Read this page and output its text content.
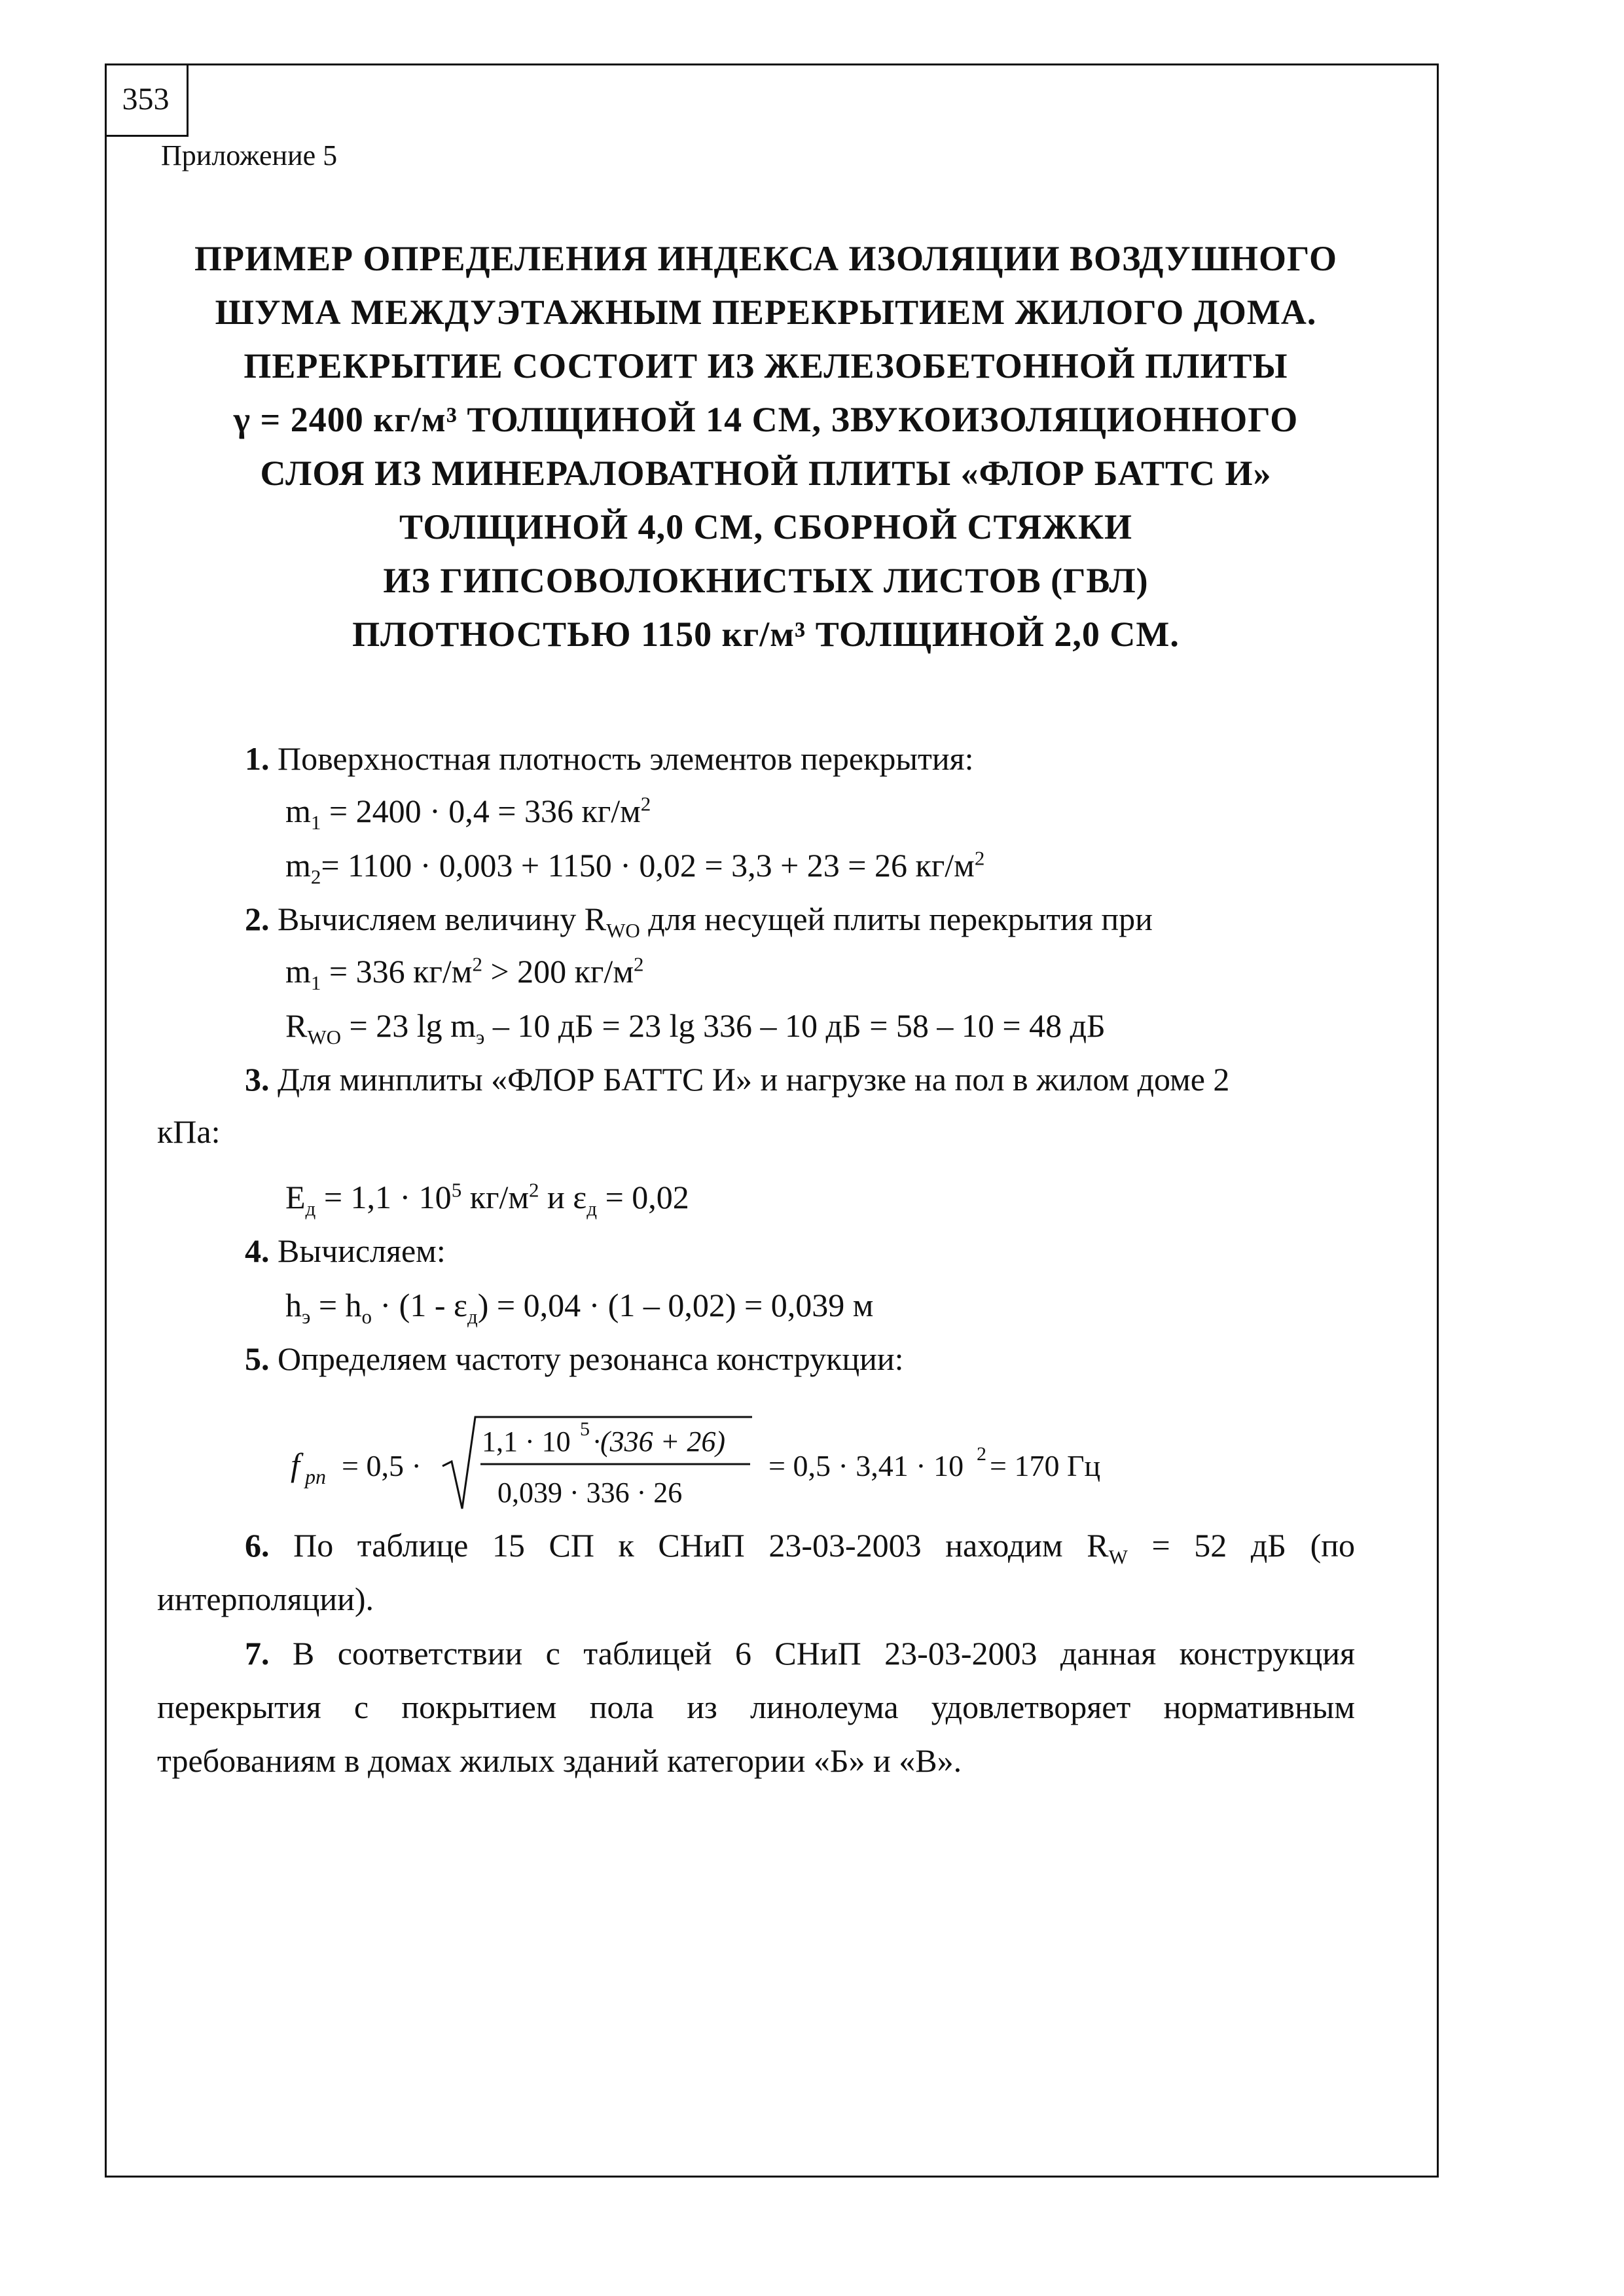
353
Приложение 5
ПРИМЕР ОПРЕДЕЛЕНИЯ ИНДЕКСА ИЗОЛЯЦИИ ВОЗДУШНОГО
ШУМА МЕЖДУЭТАЖНЫМ ПЕРЕКРЫТИЕМ ЖИЛОГО ДОМА.
ПЕРЕКРЫТИЕ СОСТОИТ ИЗ ЖЕЛЕЗОБЕТОННОЙ ПЛИТЫ
γ = 2400 кг/м³ ТОЛЩИНОЙ 14 СМ, ЗВУКОИЗОЛЯЦИОННОГО
СЛОЯ ИЗ МИНЕРАЛОВАТНОЙ ПЛИТЫ «ФЛОР БАТТС И»
ТОЛЩИНОЙ 4,0 СМ, СБОРНОЙ СТЯЖКИ
ИЗ ГИПСОВОЛОКНИСТЫХ ЛИСТОВ (ГВЛ)
ПЛОТНОСТЬЮ 1150 кг/м³ ТОЛЩИНОЙ 2,0 СМ.
1. Поверхностная плотность элементов перекрытия:
$m_1 = 2400 \cdot 0,4 = 336$ $кг/м^2$
$m_2= 1100 \cdot 0,003 + 1150 \cdot 0,02 = 3,3 + 23 = 26$ $кг/м^2$
2. Вычисляем величину $R_{WO}$ для несущей плиты перекрытия при
$m_1 = 336$ $кг/м^2 > 200$ $кг/м^2$
$R_{WO} = 23$ $\lg m_э - 10$ дБ = 23 lg 336 – 10 дБ = 58 – 10 = 48 дБ
3. Для минплиты «ФЛОР БАТТС И» и нагрузке на пол в жилом доме 2
кПа:
$E_д = 1,1 \cdot 10^5$ $кг/м^2$ и $\varepsilon_д = 0,02$
4. Вычисляем:
$h_э = h_о \cdot (1 - \varepsilon_д) = 0,04 \cdot (1 - 0,02) = 0,039$ м
5. Определяем частоту резонанса конструкции:
f pn = 0,5 ·
1,1 · 10 5 ·(336 + 26)
0,039 · 336 · 26
= 0,5 · 3,41 · 10 2 = 170 Гц
6. По таблице 15 СП к СНиП 23-03-2003 находим $R_W = 52$ дБ (по интерполяции).
7. В соответствии с таблицей 6 СНиП 23-03-2003 данная конструкция перекрытия с покрытием пола из линолеума удовлетворяет нормативным требованиям в домах жилых зданий категории «Б» и «В».
